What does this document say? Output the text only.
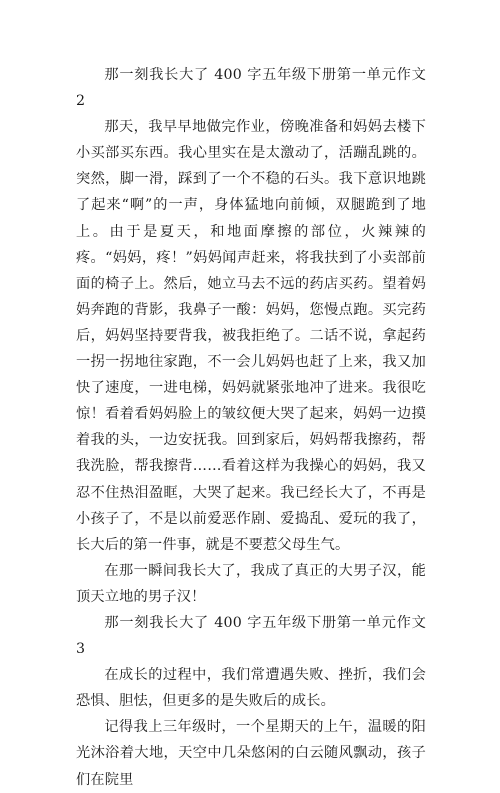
那一刻我长大了 400 字五年级下册第一单元作文 2

那天，我早早地做完作业，傍晚准备和妈妈去楼下小买部买东西。我心里实在是太激动了，活蹦乱跳的。突然，脚一滑，踩到了一个不稳的石头。我下意识地跳了起来“啊”的一声，身体猛地向前倾，双腿跪到了地上。由于是夏天，和地面摩擦的部位，火辣辣的疼。“妈妈，疼！”妈妈闻声赶来，将我扶到了小卖部前面的椅子上。然后，她立马去不远的药店买药。望着妈妈奔跑的背影，我鼻子一酸：妈妈，您慢点跑。买完药后，妈妈坚持要背我，被我拒绝了。二话不说，拿起药一拐一拐地往家跑，不一会儿妈妈也赶了上来，我又加快了速度，一进电梯，妈妈就紧张地冲了进来。我很吃惊！看着看妈妈脸上的皱纹便大哭了起来，妈妈一边摸着我的头，一边安抚我。回到家后，妈妈帮我擦药，帮我洗脸，帮我擦背……看着这样为我操心的妈妈，我又忍不住热泪盈眶，大哭了起来。我已经长大了，不再是小孩子了，不是以前爱恶作剧、爱捣乱、爱玩的我了，长大后的第一件事，就是不要惹父母生气。

在那一瞬间我长大了，我成了真正的大男子汉，能顶天立地的男子汉！

那一刻我长大了 400 字五年级下册第一单元作文 3

在成长的过程中，我们常遭遇失败、挫折，我们会恐惧、胆怯，但更多的是失败后的成长。

记得我上三年级时，一个星期天的上午，温暖的阳光沐浴着大地，天空中几朵悠闲的白云随风飘动，孩子们在院里
